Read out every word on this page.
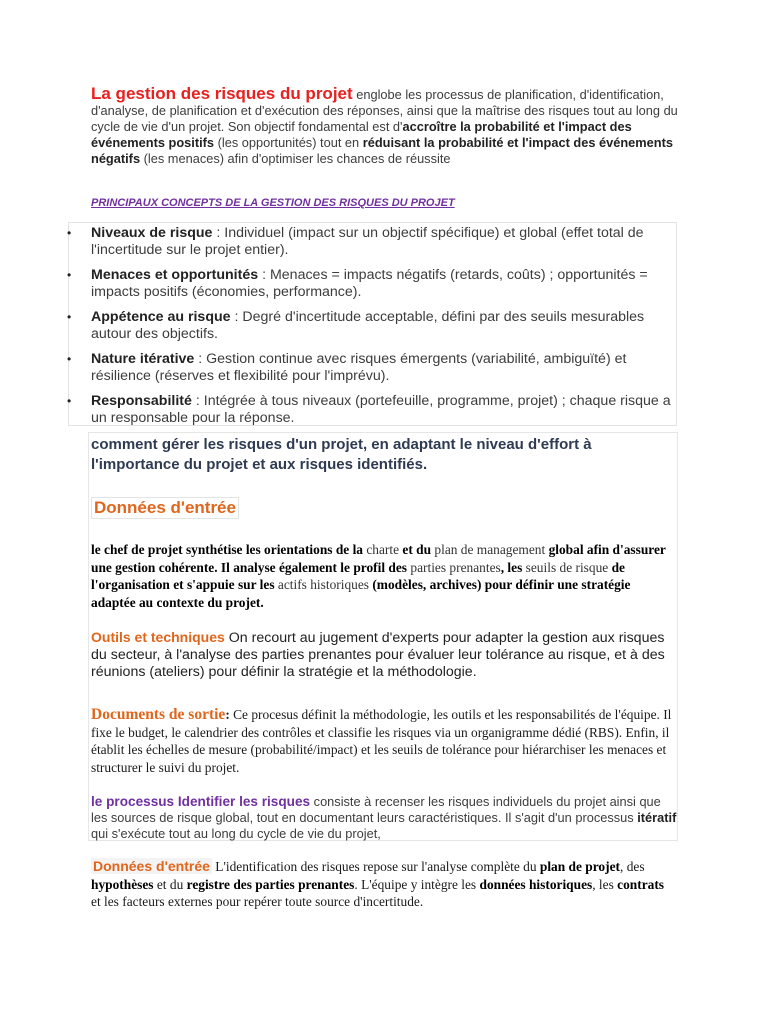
La gestion des risques du projet englobe les processus de planification, d'identification, d'analyse, de planification et d'exécution des réponses, ainsi que la maîtrise des risques tout au long du cycle de vie d'un projet. Son objectif fondamental est d'accroître la probabilité et l'impact des événements positifs (les opportunités) tout en réduisant la probabilité et l'impact des événements négatifs (les menaces) afin d'optimiser les chances de réussite
PRINCIPAUX CONCEPTS DE LA GESTION DES RISQUES DU PROJET
• Niveaux de risque : Individuel (impact sur un objectif spécifique) et global (effet total de l'incertitude sur le projet entier).
• Menaces et opportunités : Menaces = impacts négatifs (retards, coûts) ; opportunités = impacts positifs (économies, performance).
• Appétence au risque : Degré d'incertitude acceptable, défini par des seuils mesurables autour des objectifs.
• Nature itérative : Gestion continue avec risques émergents (variabilité, ambiguïté) et résilience (réserves et flexibilité pour l'imprévu).
• Responsabilité : Intégrée à tous niveaux (portefeuille, programme, projet) ; chaque risque a un responsable pour la réponse.
comment gérer les risques d'un projet, en adaptant le niveau d'effort à l'importance du projet et aux risques identifiés.
Données d'entrée
le chef de projet synthétise les orientations de la charte et du plan de management global afin d'assurer une gestion cohérente. Il analyse également le profil des parties prenantes, les seuils de risque de l'organisation et s'appuie sur les actifs historiques (modèles, archives) pour définir une stratégie adaptée au contexte du projet.
Outils et techniques On recourt au jugement d'experts pour adapter la gestion aux risques du secteur, à l'analyse des parties prenantes pour évaluer leur tolérance au risque, et à des réunions (ateliers) pour définir la stratégie et la méthodologie.
Documents de sortie: Ce procesus définit la méthodologie, les outils et les responsabilités de l'équipe. Il fixe le budget, le calendrier des contrôles et classifie les risques via un organigramme dédié (RBS). Enfin, il établit les échelles de mesure (probabilité/impact) et les seuils de tolérance pour hiérarchiser les menaces et structurer le suivi du projet.
le processus Identifier les risques consiste à recenser les risques individuels du projet ainsi que les sources de risque global, tout en documentant leurs caractéristiques. Il s'agit d'un processus itératif qui s'exécute tout au long du cycle de vie du projet,
Données d'entrée L'identification des risques repose sur l'analyse complète du plan de projet, des hypothèses et du registre des parties prenantes. L'équipe y intègre les données historiques, les contrats et les facteurs externes pour repérer toute source d'incertitude.
